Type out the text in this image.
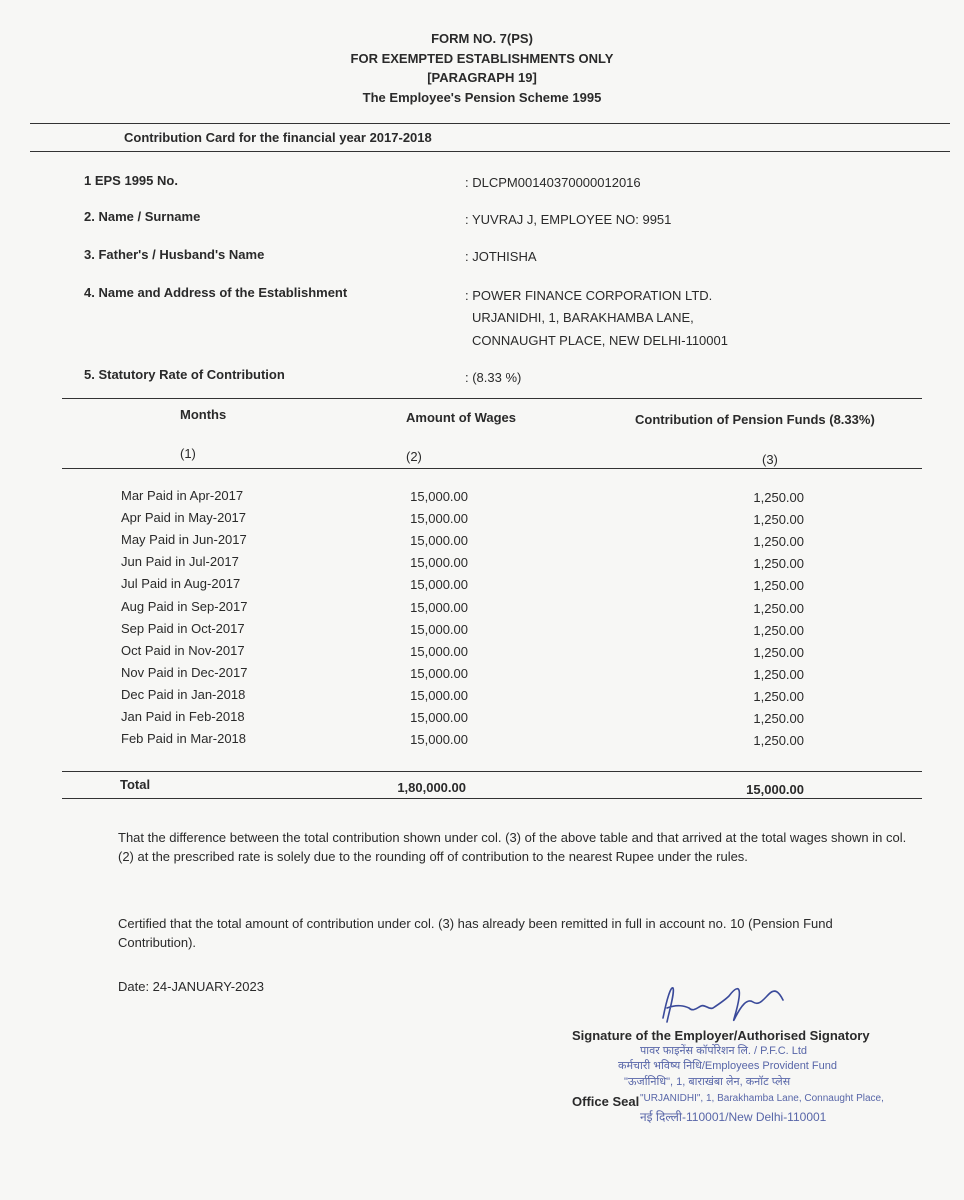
FORM NO. 7(PS)
FOR EXEMPTED ESTABLISHMENTS ONLY
[PARAGRAPH 19]
The Employee's Pension Scheme 1995
Contribution Card for the financial year 2017-2018
1 EPS 1995 No.	: DLCPM00140370000012016
2. Name / Surname	: YUVRAJ J, EMPLOYEE NO: 9951
3. Father's / Husband's Name	: JOTHISHA
4. Name and Address of the Establishment	: POWER FINANCE CORPORATION LTD.
URJANIDHI, 1, BARAKHAMBA LANE,
CONNAUGHT PLACE, NEW DELHI-110001
5. Statutory Rate of Contribution	: (8.33 %)
Months	Amount of Wages	Contribution of Pension Funds (8.33%)
(1)	(2)	(3)
Mar Paid in Apr-2017	15,000.00	1,250.00
Apr Paid in May-2017	15,000.00	1,250.00
May Paid in Jun-2017	15,000.00	1,250.00
Jun Paid in Jul-2017	15,000.00	1,250.00
Jul Paid in Aug-2017	15,000.00	1,250.00
Aug Paid in Sep-2017	15,000.00	1,250.00
Sep Paid in Oct-2017	15,000.00	1,250.00
Oct Paid in Nov-2017	15,000.00	1,250.00
Nov Paid in Dec-2017	15,000.00	1,250.00
Dec Paid in Jan-2018	15,000.00	1,250.00
Jan Paid in Feb-2018	15,000.00	1,250.00
Feb Paid in Mar-2018	15,000.00	1,250.00
Total	1,80,000.00	15,000.00
That the difference between the total contribution shown under col. (3) of the above table and that arrived at the total wages shown in col. (2) at the prescribed rate is solely due to the rounding off of contribution to the nearest Rupee under the rules.
Certified that the total amount of contribution under col. (3) has already been remitted in full in account no. 10 (Pension Fund Contribution).
Date: 24-JANUARY-2023
Signature of the Employer/Authorised Signatory
पावर फाइनेंस कॉर्पोरेशन लि. / P.F.C. Ltd
कर्मचारी भविष्य निधि/Employees Provident Fund
"ऊर्जानिधि", 1, बाराखंबा लेन, कनॉट प्लेस
"URJANIDHI", 1, Barakhamba Lane, Connaught Place,
नई दिल्ली-110001/New Delhi-110001
Office Seal
